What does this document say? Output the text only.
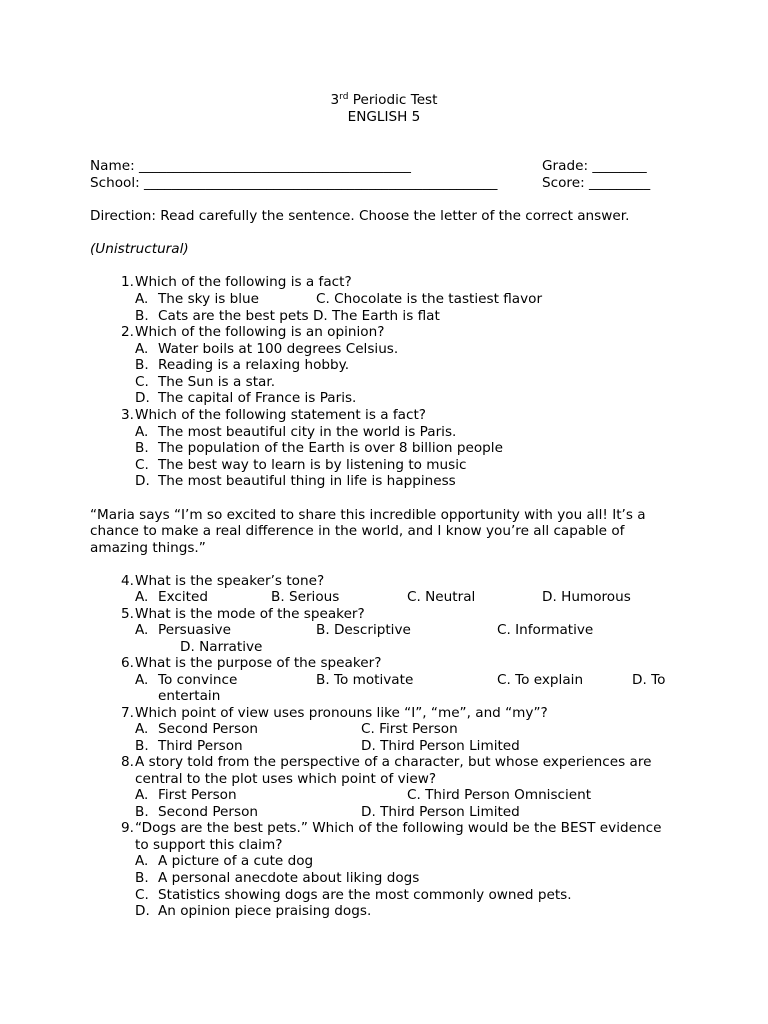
3rd Periodic Test
ENGLISH 5
Name: ________________________________________	Grade: ________
School: ____________________________________________________	Score: _________
Direction: Read carefully the sentence. Choose the letter of the correct answer.
(Unistructural)
1. Which of the following is a fact?
A. The sky is blue	C. Chocolate is the tastiest flavor
B. Cats are the best pets D. The Earth is flat
2. Which of the following is an opinion?
A. Water boils at 100 degrees Celsius.
B. Reading is a relaxing hobby.
C. The Sun is a star.
D. The capital of France is Paris.
3. Which of the following statement is a fact?
A. The most beautiful city in the world is Paris.
B. The population of the Earth is over 8 billion people
C. The best way to learn is by listening to music
D. The most beautiful thing in life is happiness
“Maria says “I’m so excited to share this incredible opportunity with you all! It’s a
chance to make a real difference in the world, and I know you’re all capable of
amazing things.”
4. What is the speaker’s tone?
A. Excited	B. Serious	C. Neutral	D. Humorous
5. What is the mode of the speaker?
A. Persuasive	B. Descriptive	C. Informative
D. Narrative
6. What is the purpose of the speaker?
A. To convince	B. To motivate	C. To explain	D. To
entertain
7. Which point of view uses pronouns like “I”, “me”, and “my”?
A. Second Person	C. First Person
B. Third Person	D. Third Person Limited
8. A story told from the perspective of a character, but whose experiences are
central to the plot uses which point of view?
A. First Person	C. Third Person Omniscient
B. Second Person	D. Third Person Limited
9. “Dogs are the best pets.” Which of the following would be the BEST evidence
to support this claim?
A. A picture of a cute dog
B. A personal anecdote about liking dogs
C. Statistics showing dogs are the most commonly owned pets.
D. An opinion piece praising dogs.
